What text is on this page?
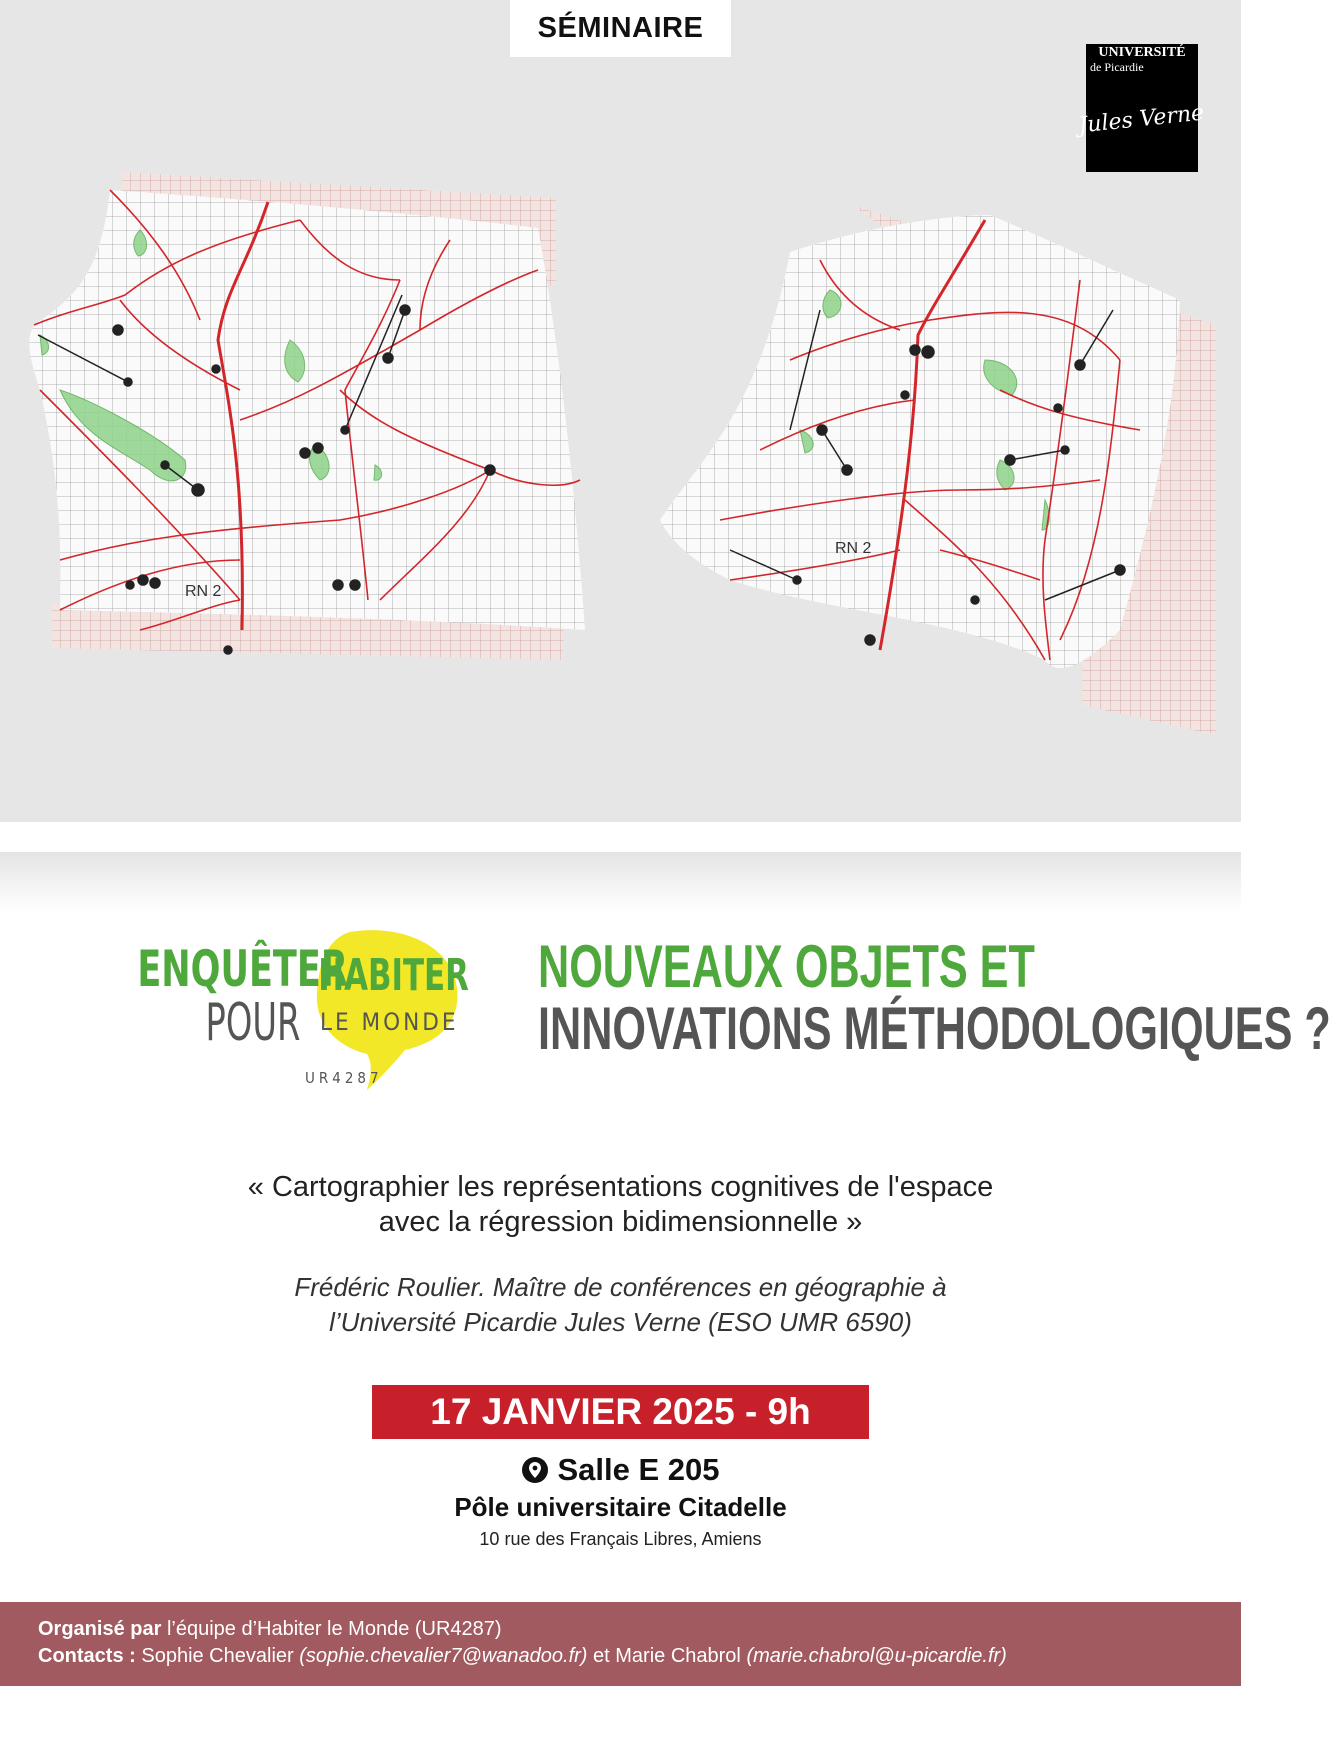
SÉMINAIRE
UNIVERSITÉ
de Picardie
Jules Verne
RN 2
RN 2
ENQUÊTER
HABITER
POUR LE MONDE
UR4287
NOUVEAUX OBJETS ET
INNOVATIONS MÉTHODOLOGIQUES ?
« Cartographier les représentations cognitives de l'espace
avec la régression bidimensionnelle »
Frédéric Roulier. Maître de conférences en géographie à
l’Université Picardie Jules Verne (ESO UMR 6590)
17 JANVIER 2025 - 9h
Salle E 205
Pôle universitaire Citadelle
10 rue des Français Libres, Amiens
Organisé par l’équipe d’Habiter le Monde (UR4287)
Contacts : Sophie Chevalier (sophie.chevalier7@wanadoo.fr) et Marie Chabrol (marie.chabrol@u-picardie.fr)
